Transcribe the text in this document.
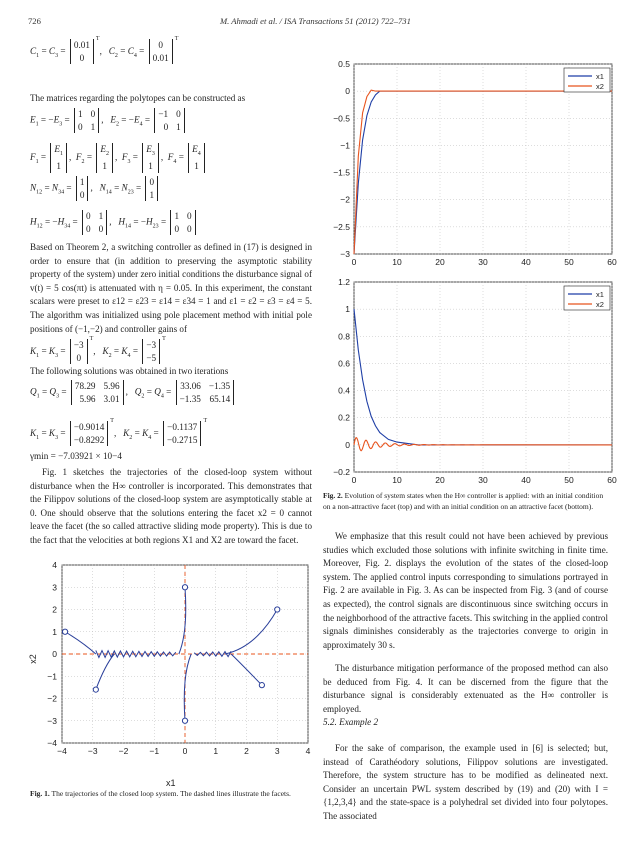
726	M. Ahmadi et al. / ISA Transactions 51 (2012) 722–731
$C_1 = C_3$ =
0.01
0
$^T$,   $C_2 = C_4$ =
0
0.01
$^T$
The matrices regarding the polytopes can be constructed as
$E_1 = -E_3$ =
1 0
0 1
,   $E_2 = -E_4$ =
−1 0
0 1
$F_1$ =
$E_1$
1
,  $F_2$ =
$E_2$
1
,  $F_3$ =
$E_3$
1
,  $F_4$ =
$E_4$
1
$N_{12} = N_{34}$ =
1
0
,   $N_{14} = N_{23}$ =
0
1
$H_{12} = -H_{34}$ =
0 1
0 0
,   $H_{14} = -H_{23}$ =
1 0
0 0
Based on Theorem 2, a switching controller as defined in (17) is designed in order to ensure that (in addition to preserving the asymptotic stability property of the system) under zero initial conditions the disturbance signal of v(t) = 5 cos(πt) is attenuated with η = 0.05. In this experiment, the constant scalars were preset to ε12 = ε23 = ε14 = ε34 = 1 and ε1 = ε2 = ε3 = ε4 = 5. The algorithm was initialized using pole placement method with initial pole positions of (−1,−2) and controller gains of
$K_1 = K_3$ =
−3
0
$^T$,   $K_2 = K_4$ =
−3
−5
$^T$
The following solutions was obtained in two iterations
$Q_1 = Q_3$ =
78.29 5.96
5.96 3.01
,   $Q_2 = Q_4$ =
33.06 −1.35
−1.35 65.14
$K_1 = K_3$ =
−0.9014
−0.8292
$^T$,   $K_2 = K_4$ =
−0.1137
−0.2715
$^T$
γmin = −7.03921 × 10−4
Fig. 1 sketches the trajectories of the closed-loop system without disturbance when the H∞ controller is incorporated. This demonstrates that the Filippov solutions of the closed-loop system are asymptotically stable at 0. One should observe that the solutions entering the facet x2 = 0 cannot leave the facet (the so called attractive sliding mode property). This is due to the fact that the velocities at both regions X1 and X2 are toward the facet.
−4 −3 −2 −1	0	1	2	3	4
−4
−3
−2
−1
0
1
2
3
4
x1
x2
Fig. 1. The trajectories of the closed loop system. The dashed lines illustrate the facets.
0	10	20	30	40	50	60
0.5
0
−0.5
−1
−1.5
−2
−2.5
−3
x1
x2
0	10	20	30	40	50	60
1.2
1
0.8
0.6
0.4
0.2
0
−0.2
x1
x2
Fig. 2. Evolution of system states when the H∞ controller is applied: with an initial condition on a non-attractive facet (top) and with an initial condition on an attractive facet (bottom).
We emphasize that this result could not have been achieved by previous studies which excluded those solutions with infinite switching in finite time. Moreover, Fig. 2. displays the evolution of the states of the closed-loop system. The applied control inputs corresponding to simulations portrayed in Fig. 2 are available in Fig. 3. As can be inspected from Fig. 3 (and of course as expected), the control signals are discontinuous since switching occurs in the neighborhood of the attractive facets. This switching in the applied control signals diminishes considerably as the trajectories converge to origin in approximately 30 s.
The disturbance mitigation performance of the proposed method can also be deduced from Fig. 4. It can be discerned from the figure that the disturbance signal is considerably extenuated as the H∞ controller is employed.
5.2. Example 2
For the sake of comparison, the example used in [6] is selected; but, instead of Carathéodory solutions, Filippov solutions are investigated. Therefore, the system structure has to be modified as delineated next. Consider an uncertain PWL system described by (19) and (20) with I = {1,2,3,4} and the state-space is a polyhedral set divided into four polytopes. The associated
